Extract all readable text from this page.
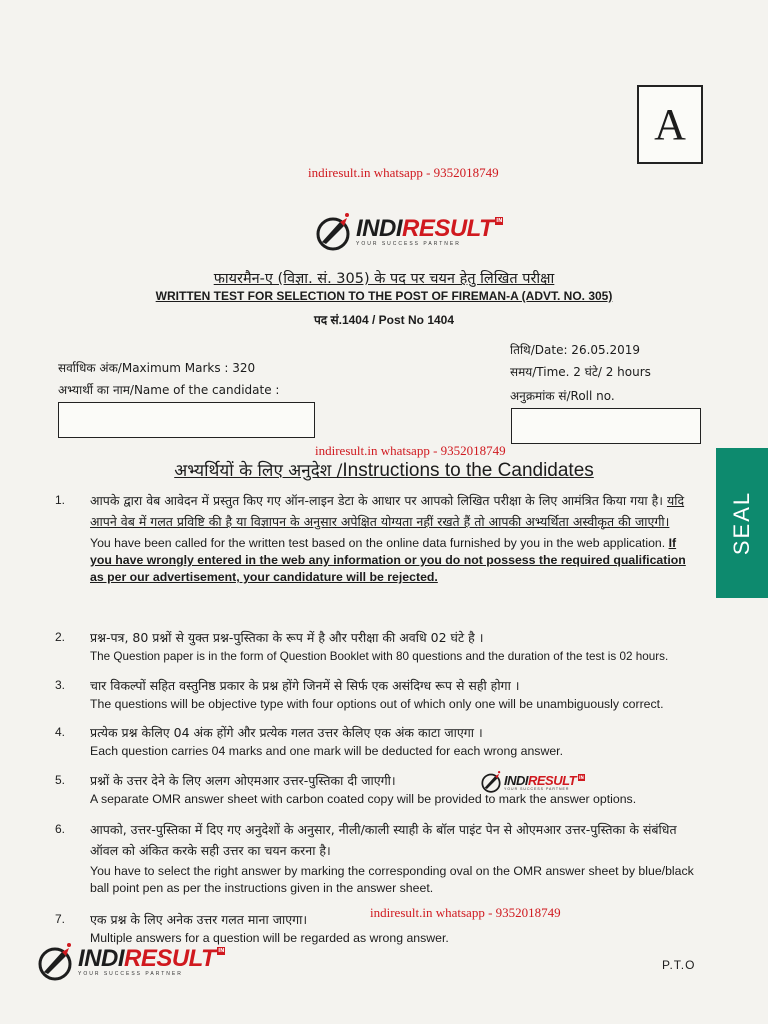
A
indiresult.in whatsapp - 9352018749
INDIRESULT IN
YOUR SUCCESS PARTNER
फायरमैन-ए (विज्ञा. सं. 305) के पद पर चयन हेतु लिखित परीक्षा
WRITTEN TEST FOR SELECTION TO THE POST OF FIREMAN-A (ADVT. NO. 305)
पद सं.1404 / Post No 1404
तिथि/Date: 26.05.2019
सर्वाधिक अंक/Maximum Marks : 320	समय/Time. 2 घंटे/ 2 hours
अभ्यार्थी का नाम/Name of the candidate :	अनुक्रमांक सं/Roll no.
indiresult.in whatsapp - 9352018749
अभ्यर्थियों के लिए अनुदेश /Instructions to the Candidates
SEAL
1. आपके द्वारा वेब आवेदन में प्रस्तुत किए गए ऑन-लाइन डेटा के आधार पर आपको लिखित परीक्षा के लिए आमंत्रित किया गया है। यदि आपने वेब में गलत प्रविष्टि की है या विज्ञापन के अनुसार अपेक्षित योग्यता नहीं रखते हैं तो आपकी अभ्यर्थिता अस्वीकृत की जाएगी।
You have been called for the written test based on the online data furnished by you in the web application. If you have wrongly entered in the web any information or you do not possess the required qualification as per our advertisement, your candidature will be rejected.
2. प्रश्न-पत्र, 80 प्रश्नों से युक्त प्रश्न-पुस्तिका के रूप में है और परीक्षा की अवधि 02 घंटे है ।
The Question paper is in the form of Question Booklet with 80 questions and the duration of the test is 02 hours.
3. चार विकल्पों सहित वस्तुनिष्ठ प्रकार के प्रश्न होंगे जिनमें से सिर्फ एक असंदिग्ध रूप से सही होगा ।
The questions will be objective type with four options out of which only one will be unambiguously correct.
4. प्रत्येक प्रश्न केलिए 04 अंक होंगे और प्रत्येक गलत उत्तर केलिए एक अंक काटा जाएगा ।
Each question carries 04 marks and one mark will be deducted for each wrong answer.
5. प्रश्नों के उत्तर देने के लिए अलग ओएमआर उत्तर-पुस्तिका दी जाएगी।
A separate OMR answer sheet with carbon coated copy will be provided to mark the answer options.
INDIRESULT IN
YOUR SUCCESS PARTNER
6. आपको, उत्तर-पुस्तिका में दिए गए अनुदेशों के अनुसार, नीली/काली स्याही के बॉल पाइंट पेन से ओएमआर उत्तर-पुस्तिका के संबंधित ऑवल को अंकित करके सही उत्तर का चयन करना है।
You have to select the right answer by marking the corresponding oval on the OMR answer sheet by blue/black ball point pen as per the instructions given in the answer sheet.
indiresult.in whatsapp - 9352018749
7. एक प्रश्न के लिए अनेक उत्तर गलत माना जाएगा।
Multiple answers for a question will be regarded as wrong answer.
INDIRESULT IN
YOUR SUCCESS PARTNER
P.T.O
